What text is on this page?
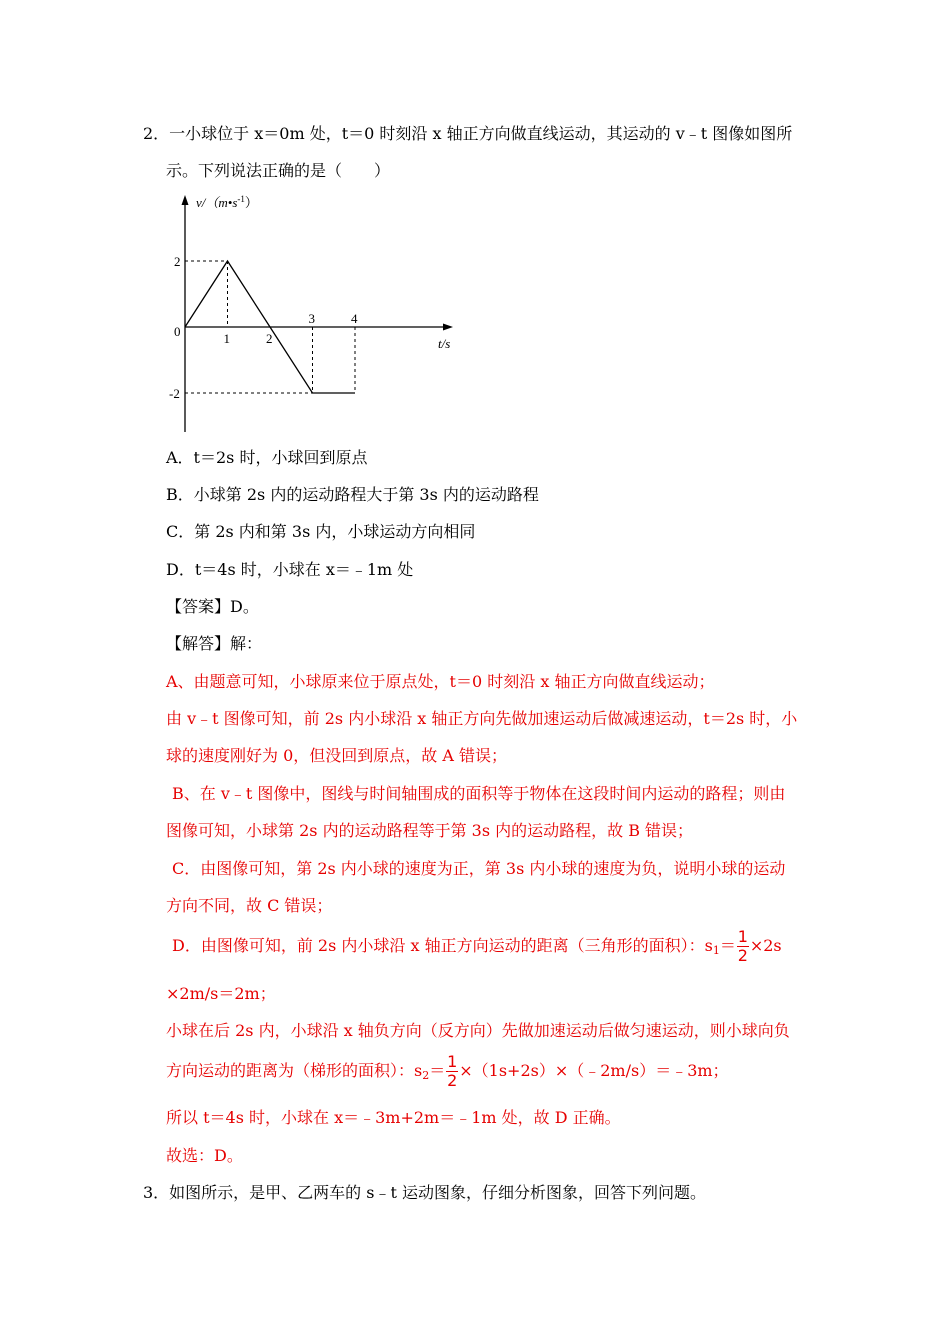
2．一小球位于 x＝0m 处，t＝0 时刻沿 x 轴正方向做直线运动，其运动的 v﹣t 图像如图所
示。下列说法正确的是（　　）
$v/(m•s^{-1})$
t/s
0
2
-2
1	2
3	4
A．t＝2s 时，小球回到原点
B．小球第 2s 内的运动路程大于第 3s 内的运动路程
C．第 2s 内和第 3s 内，小球运动方向相同
D．t＝4s 时，小球在 x＝﹣1m 处
【答案】D。
【解答】解：
A、由题意可知，小球原来位于原点处，t＝0 时刻沿 x 轴正方向做直线运动；
由 v﹣t 图像可知，前 2s 内小球沿 x 轴正方向先做加速运动后做减速运动，t＝2s 时，小
球的速度刚好为 0，但没回到原点，故 A 错误；
B、在 v﹣t 图像中，图线与时间轴围成的面积等于物体在这段时间内运动的路程；则由
图像可知，小球第 2s 内的运动路程等于第 3s 内的运动路程，故 B 错误；
C．由图像可知，第 2s 内小球的速度为正，第 3s 内小球的速度为负，说明小球的运动
方向不同，故 C 错误；
D．由图像可知，前 2s 内小球沿 x 轴正方向运动的距离（三角形的面积）：$s_1= \frac{1}{2} \times 2s$
×2m/s＝2m；
小球在后 2s 内，小球沿 x 轴负方向（反方向）先做加速运动后做匀速运动，则小球向负
方向运动的距离为（梯形的面积）：$s_2= \frac{1}{2}$ ×（1s+2s）×（﹣2m/s）＝﹣3m；
所以 t＝4s 时，小球在 x＝﹣3m+2m＝﹣1m 处，故 D 正确。
故选：D。
3．如图所示，是甲、乙两车的 s﹣t 运动图象，仔细分析图象，回答下列问题。
